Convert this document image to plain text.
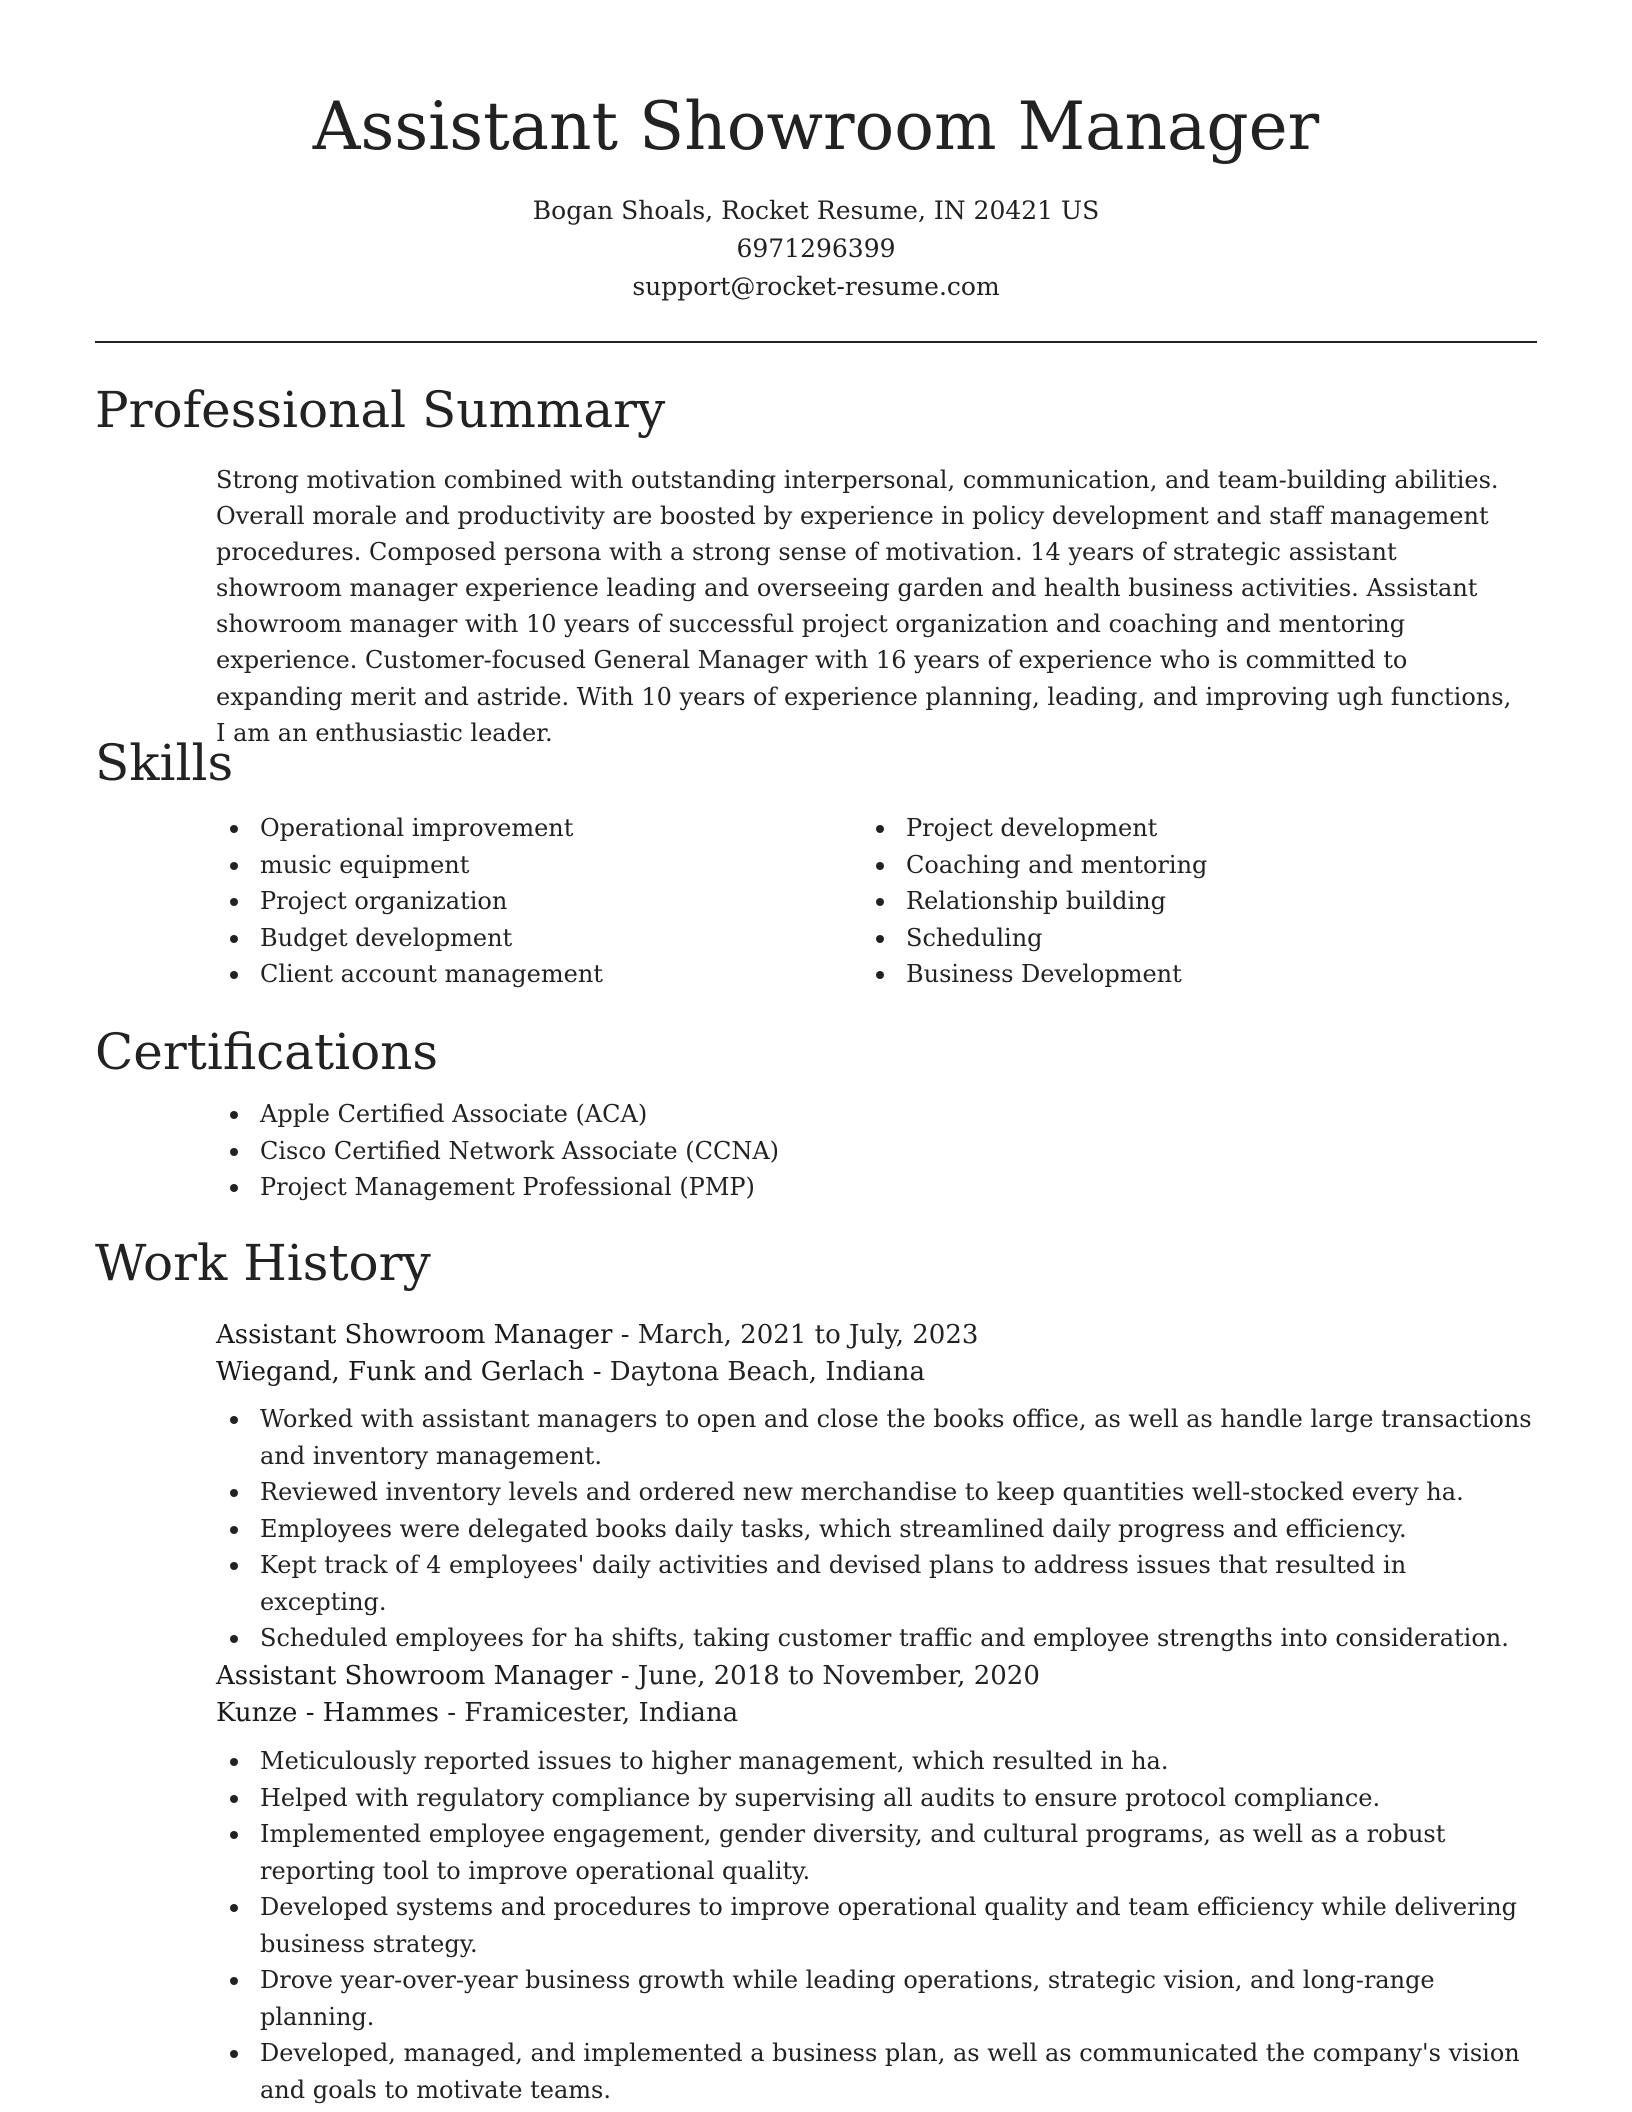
Assistant Showroom Manager
Bogan Shoals, Rocket Resume, IN 20421 US
6971296399
support@rocket-resume.com
Professional Summary

Strong motivation combined with outstanding interpersonal, communication, and team-building abilities. Overall morale and productivity are boosted by experience in policy development and staff management procedures. Composed persona with a strong sense of motivation. 14 years of strategic assistant showroom manager experience leading and overseeing garden and health business activities. Assistant showroom manager with 10 years of successful project organization and coaching and mentoring experience. Customer-focused General Manager with 16 years of experience who is committed to expanding merit and astride. With 10 years of experience planning, leading, and improving ugh functions, I am an enthusiastic leader.

Skills
Operational improvement
music equipment
Project organization
Budget development
Client account management
Project development
Coaching and mentoring
Relationship building
Scheduling
Business Development
Certifications
Apple Certified Associate (ACA)
Cisco Certified Network Associate (CCNA)
Project Management Professional (PMP)
Work History
Assistant Showroom Manager - March, 2021 to July, 2023
Wiegand, Funk and Gerlach - Daytona Beach, Indiana
Worked with assistant managers to open and close the books office, as well as handle large transactions and inventory management.
Reviewed inventory levels and ordered new merchandise to keep quantities well-stocked every ha.
Employees were delegated books daily tasks, which streamlined daily progress and efficiency.
Kept track of 4 employees' daily activities and devised plans to address issues that resulted in excepting.
Scheduled employees for ha shifts, taking customer traffic and employee strengths into consideration.
Assistant Showroom Manager - June, 2018 to November, 2020
Kunze - Hammes - Framicester, Indiana
Meticulously reported issues to higher management, which resulted in ha.
Helped with regulatory compliance by supervising all audits to ensure protocol compliance.
Implemented employee engagement, gender diversity, and cultural programs, as well as a robust reporting tool to improve operational quality.
Developed systems and procedures to improve operational quality and team efficiency while delivering business strategy.
Drove year-over-year business growth while leading operations, strategic vision, and long-range planning.
Developed, managed, and implemented a business plan, as well as communicated the company's vision and goals to motivate teams.
